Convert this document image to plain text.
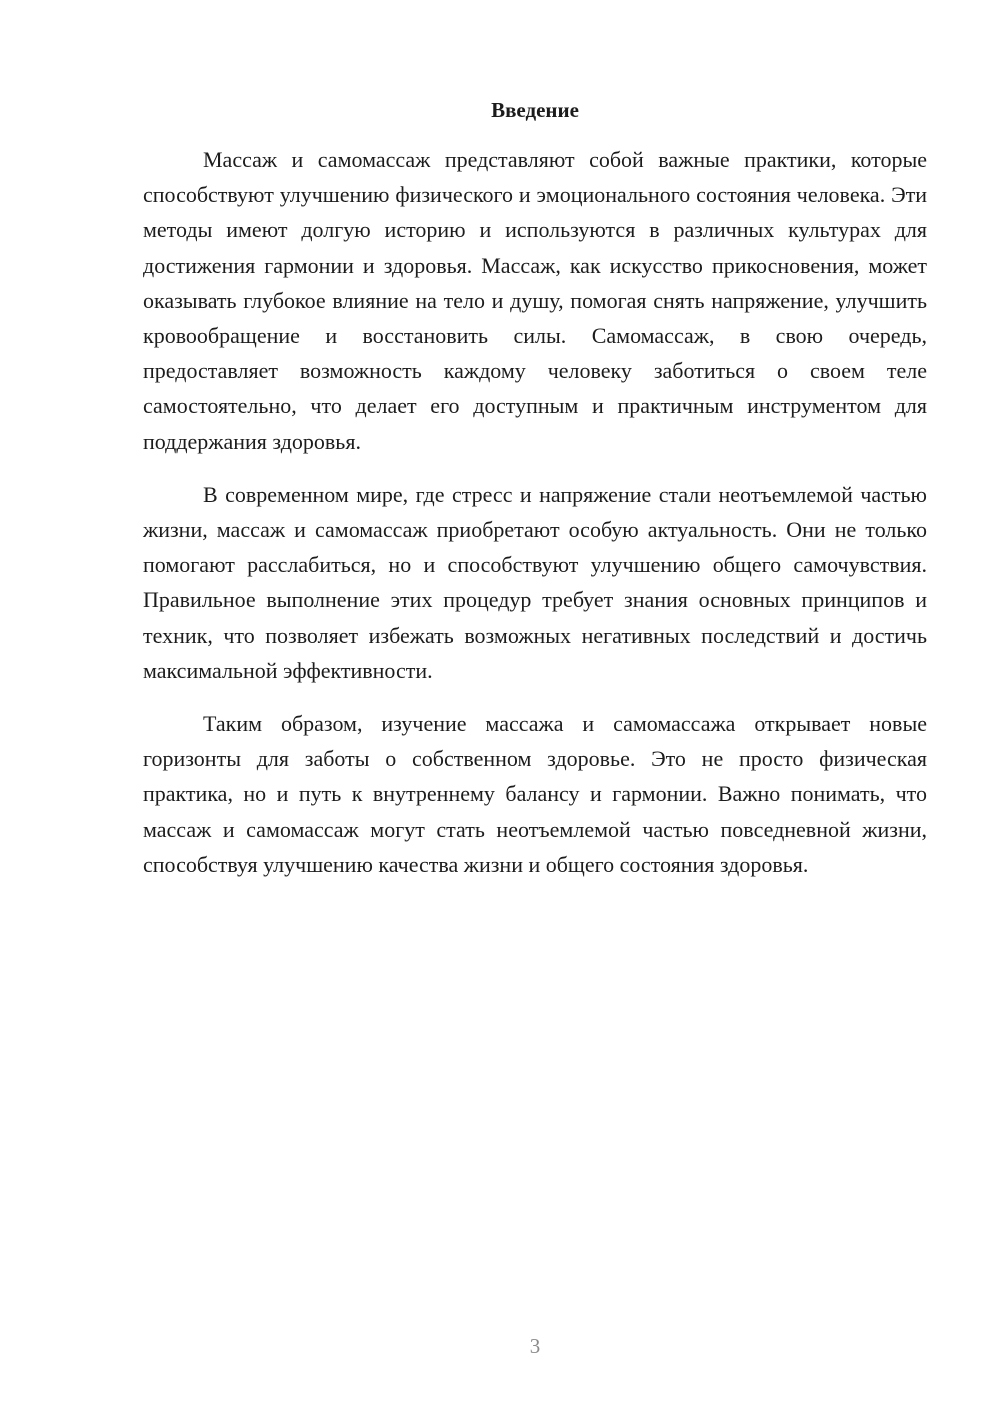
Введение

Массаж и самомассаж представляют собой важные практики, которые способствуют улучшению физического и эмоционального состояния человека. Эти методы имеют долгую историю и используются в различных культурах для достижения гармонии и здоровья. Массаж, как искусство прикосновения, может оказывать глубокое влияние на тело и душу, помогая снять напряжение, улучшить кровообращение и восстановить силы. Самомассаж, в свою очередь, предоставляет возможность каждому человеку заботиться о своем теле самостоятельно, что делает его доступным и практичным инструментом для поддержания здоровья.

В современном мире, где стресс и напряжение стали неотъемлемой частью жизни, массаж и самомассаж приобретают особую актуальность. Они не только помогают расслабиться, но и способствуют улучшению общего самочувствия. Правильное выполнение этих процедур требует знания основных принципов и техник, что позволяет избежать возможных негативных последствий и достичь максимальной эффективности.

Таким образом, изучение массажа и самомассажа открывает новые горизонты для заботы о собственном здоровье. Это не просто физическая практика, но и путь к внутреннему балансу и гармонии. Важно понимать, что массаж и самомассаж могут стать неотъемлемой частью повседневной жизни, способствуя улучшению качества жизни и общего состояния здоровья.

3
